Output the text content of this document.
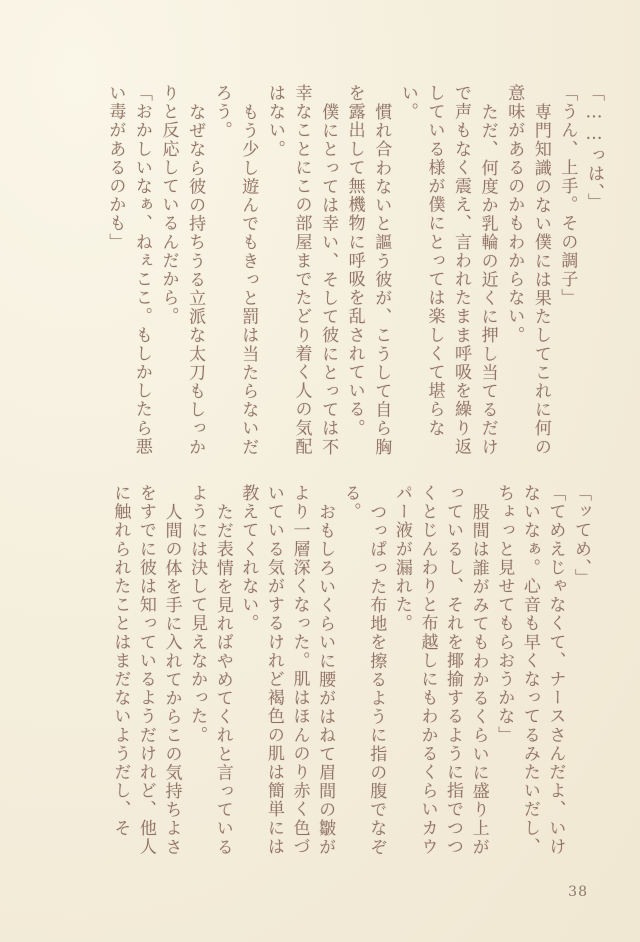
「……っは、」

「うん、上手。その調子」

専門知識のない僕には果たしてこれに何の意味があるのかもわからない。

ただ、何度か乳輪の近くに押し当てるだけで声もなく震え、言われたまま呼吸を繰り返している様が僕にとっては楽しくて堪らない。

慣れ合わないと謳う彼が、こうして自ら胸を露出して無機物に呼吸を乱されている。

僕にとっては幸い、そして彼にとっては不幸なことにこの部屋までたどり着く人の気配はない。

もう少し遊んでもきっと罰は当たらないだろう。

なぜなら彼の持ちうる立派な太刀もしっかりと反応しているんだから。

「おかしいなぁ、ねぇここ。もしかしたら悪い毒があるのかも」

「ッてめ、」

「てめえじゃなくて、ナースさんだよ、いけないなぁ。心音も早くなってるみたいだし、ちょっと見せてもらおうかな」

股間は誰がみてもわかるくらいに盛り上がっているし、それを揶揄するように指でつつくとじんわりと布越しにもわかるくらいカウパー液が漏れた。

つっぱった布地を擦るように指の腹でなぞる。

おもしろいくらいに腰がはねて眉間の皺がより一層深くなった。肌はほんのり赤く色づいている気がするけれど褐色の肌は簡単には教えてくれない。

ただ表情を見ればやめてくれと言っているようには決して見えなかった。

人間の体を手に入れてからこの気持ちよさをすでに彼は知っているようだけれど、他人に触れられたことはまだないようだし、そ

38
